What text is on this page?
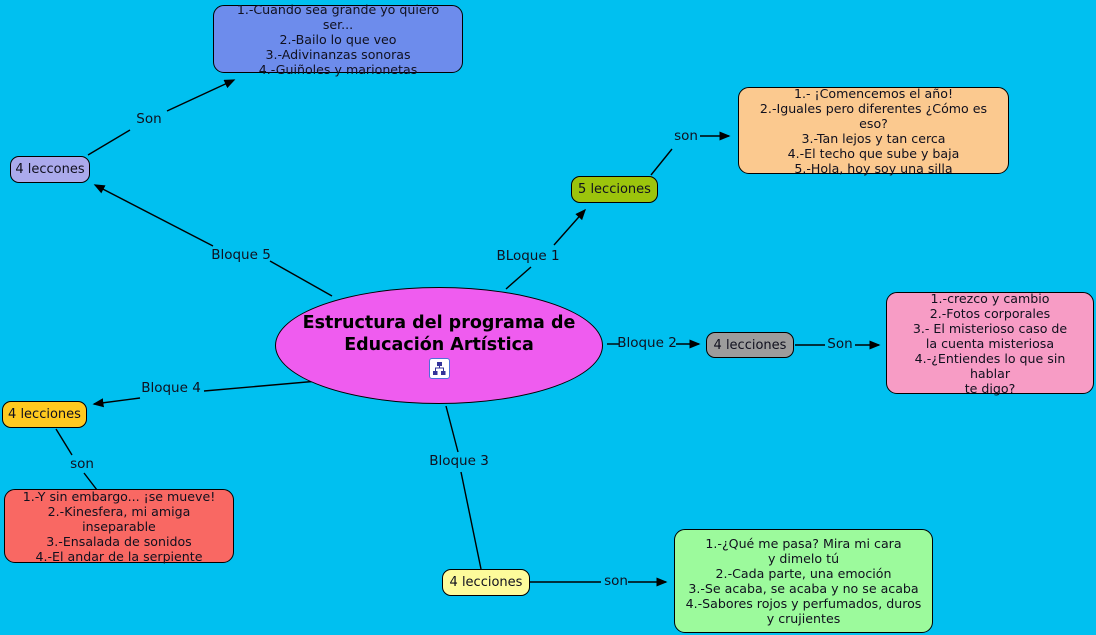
Estructura del programa de
Educación Artística
Bloque 5
4 leccones
Son
1.-Cuando sea grande yo quiero ser...
2.-Bailo lo que veo
3.-Adivinanzas sonoras
4.-Guiñoles y marionetas
BLoque 1
5 lecciones
son
1.- ¡Comencemos el año!
2.-Iguales pero diferentes ¿Cómo es eso?
3.-Tan lejos y tan cerca
4.-El techo que sube y baja
5.-Hola, hoy soy una silla
Bloque 2	4 lecciones	Son
1.-crezco y cambio
2.-Fotos corporales
3.- El misterioso caso de
la cuenta misteriosa
4.-¿Entiendes lo que sin hablar
te digo?
Bloque 4
4 lecciones
son
1.-Y sin embargo... ¡se mueve!
2.-Kinesfera, mi amiga inseparable
3.-Ensalada de sonidos
4.-El andar de la serpiente
Bloque 3
4 lecciones	son
1.-¿Qué me pasa? Mira mi cara
y dimelo tú
2.-Cada parte, una emoción
3.-Se acaba, se acaba y no se acaba
4.-Sabores rojos y perfumados, duros
y crujientes
